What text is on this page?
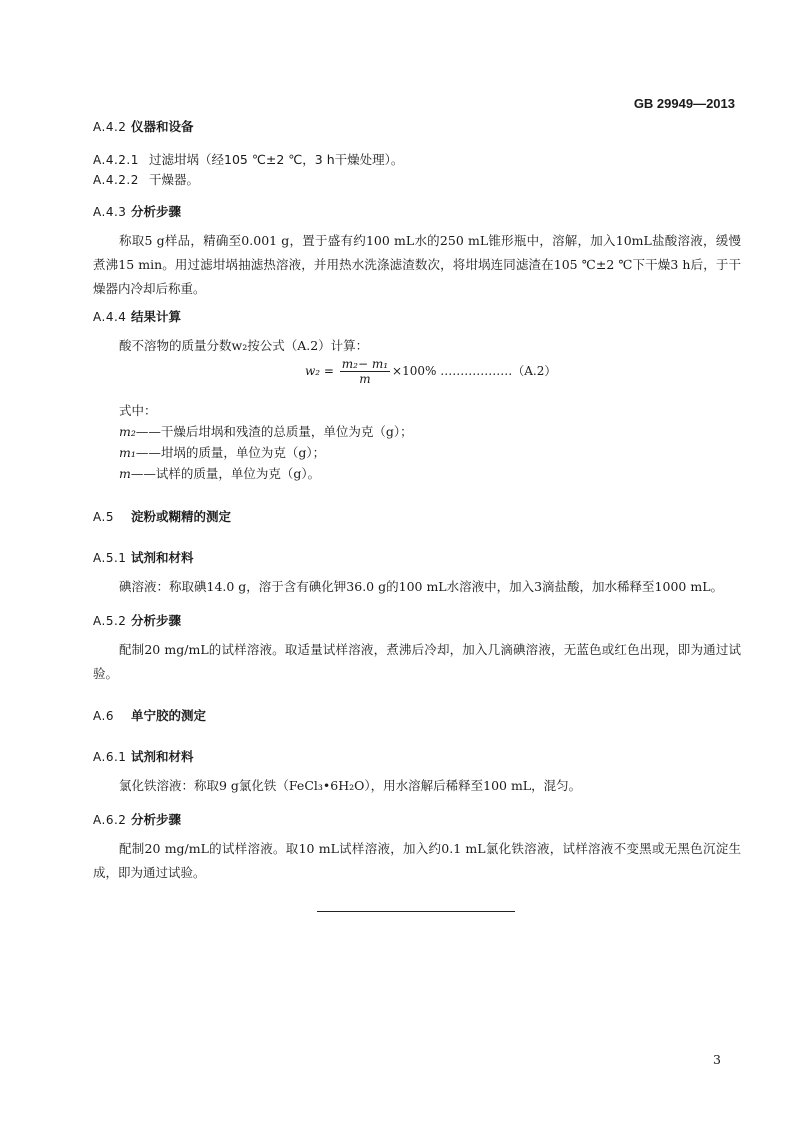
GB 29949—2013
A.4.2 仪器和设备
A.4.2.1 过滤坩埚（经105 ℃±2 ℃，3 h干燥处理）。
A.4.2.2 干燥器。
A.4.3 分析步骤

称取5 g样品，精确至0.001 g，置于盛有约100 mL水的250 mL锥形瓶中，溶解，加入10mL盐酸溶液，缓慢煮沸15 min。用过滤坩埚抽滤热溶液，并用热水洗涤滤渣数次，将坩埚连同滤渣在105 ℃±2 ℃下干燥3 h后，于干燥器内冷却后称重。

A.4.4 结果计算
酸不溶物的质量分数w₂按公式（A.2）计算：
$w_2 = \frac{\text{m₂− m₁}}{m} \times 100\%$ ………………（A.2）
式中：
m₂——干燥后坩埚和残渣的总质量，单位为克（g）；
m₁——坩埚的质量，单位为克（g）；
m——试样的质量，单位为克（g）。
A.5 淀粉或糊精的测定
A.5.1 试剂和材料

碘溶液：称取碘14.0 g，溶于含有碘化钾36.0 g的100 mL水溶液中，加入3滴盐酸，加水稀释至1000 mL。

A.5.2 分析步骤

配制20 mg/mL的试样溶液。取适量试样溶液，煮沸后冷却，加入几滴碘溶液，无蓝色或红色出现，即为通过试验。

A.6 单宁胶的测定
A.6.1 试剂和材料

氯化铁溶液：称取9 g氯化铁（FeCl₃•6H₂O），用水溶解后稀释至100 mL，混匀。

A.6.2 分析步骤

配制20 mg/mL的试样溶液。取10 mL试样溶液，加入约0.1 mL氯化铁溶液，试样溶液不变黑或无黑色沉淀生成，即为通过试验。

3
